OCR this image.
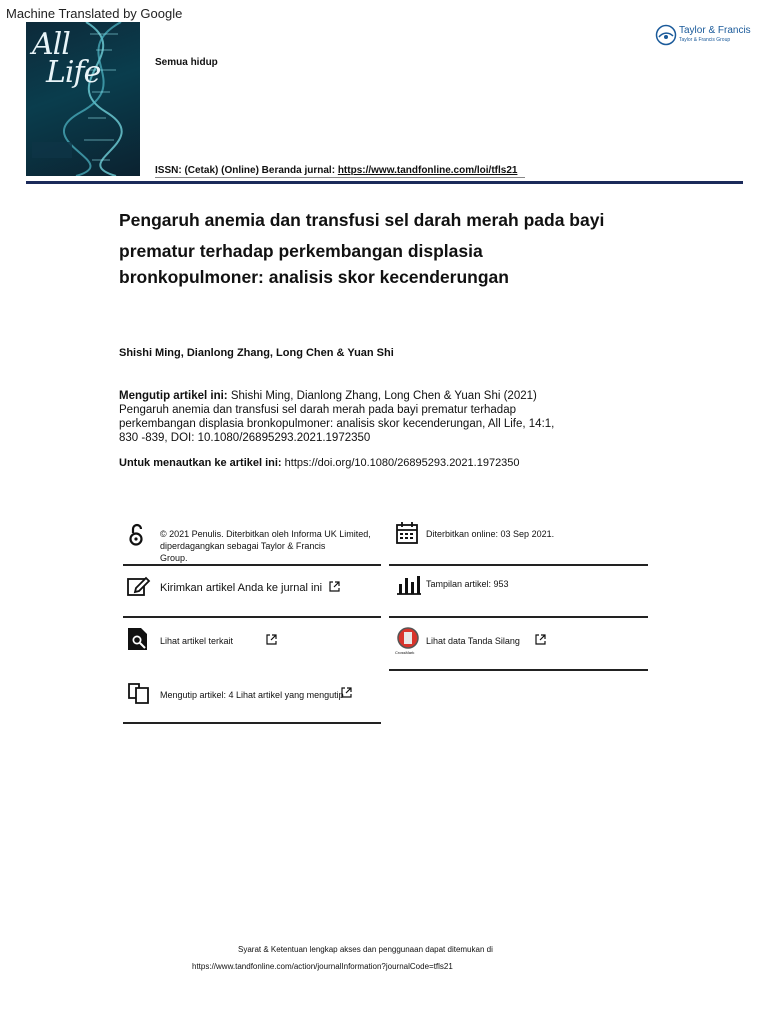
Machine Translated by Google
All
Life	Semua hidup
ISSN: (Cetak) (Online) Beranda jurnal: https://www.tandfonline.com/loi/tfls21
Taylor & Francis
Taylor & Francis Group
Pengaruh anemia dan transfusi sel darah merah pada bayi
prematur terhadap perkembangan displasia
bronkopulmoner: analisis skor kecenderungan
Shishi Ming, Dianlong Zhang, Long Chen & Yuan Shi
Mengutip artikel ini: Shishi Ming, Dianlong Zhang, Long Chen & Yuan Shi (2021)
Pengaruh anemia dan transfusi sel darah merah pada bayi prematur terhadap
perkembangan displasia bronkopulmoner: analisis skor kecenderungan, All Life, 14:1,
830 -839, DOI: 10.1080/26895293.2021.1972350
Untuk menautkan ke artikel ini: https://doi.org/10.1080/26895293.2021.1972350
© 2021 Penulis. Diterbitkan oleh Informa UK Limited,
diperdagangkan sebagai Taylor & Francis
Group.
Diterbitkan online: 03 Sep 2021.
Kirimkan artikel Anda ke jurnal ini	Tampilan artikel: 953
Lihat artikel terkait
CrossMark
Lihat data Tanda Silang
Mengutip artikel: 4 Lihat artikel yang mengutip
Syarat & Ketentuan lengkap akses dan penggunaan dapat ditemukan di
https://www.tandfonline.com/action/journalInformation?journalCode=tfls21
